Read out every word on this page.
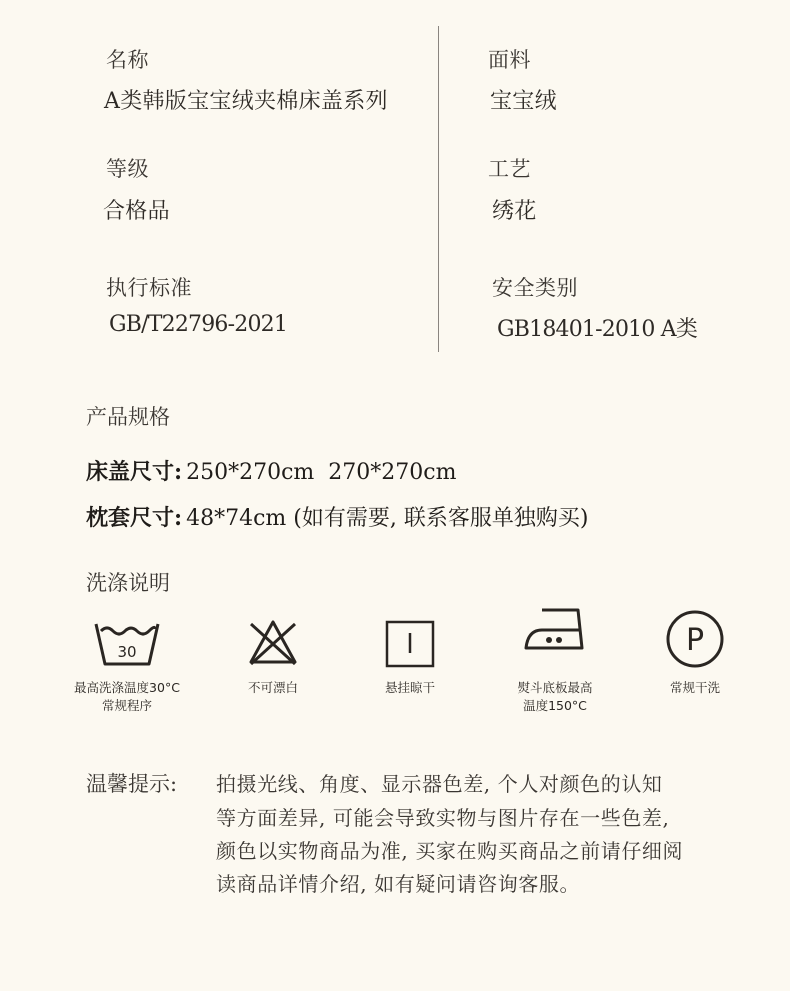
名称
A类韩版宝宝绒夹棉床盖系列
面料
宝宝绒
等级
合格品
工艺
绣花
执行标准
GB/T22796-2021
安全类别
GB18401-2010 A类
产品规格
床盖尺寸: 250*270cm  270*270cm
枕套尺寸: 48*74cm (如有需要, 联系客服单独购买)
洗涤说明
30
最高洗涤温度30°C
常规程序
不可漂白	悬挂晾干	熨斗底板最高
温度150°C
P
常规干洗
温馨提示: 拍摄光线、角度、显示器色差, 个人对颜色的认知
等方面差异, 可能会导致实物与图片存在一些色差,
颜色以实物商品为准, 买家在购买商品之前请仔细阅
读商品详情介绍, 如有疑问请咨询客服。
